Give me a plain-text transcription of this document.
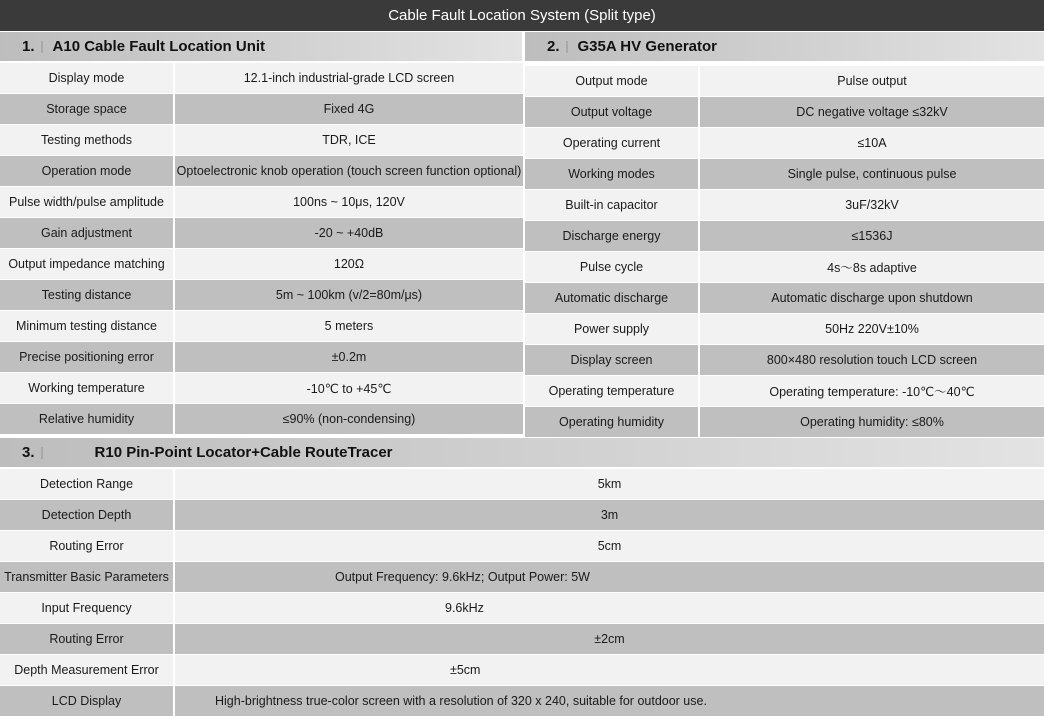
Cable Fault Location System (Split type)
1. A10 Cable Fault Location Unit	2. G35A HV Generator
Display mode	12.1-inch industrial-grade LCD screen
Storage space	Fixed 4G
Testing methods	TDR, ICE
Operation mode	Optoelectronic knob operation (touch screen function optional)
Pulse width/pulse amplitude	100ns ~ 10μs, 120V
Gain adjustment	-20 ~ +40dB
Output impedance matching	120Ω
Testing distance	5m ~ 100km (v/2=80m/μs)
Minimum testing distance	5 meters
Precise positioning error	±0.2m
Working temperature	-10℃ to +45℃
Relative humidity	≤90% (non-condensing)
Output mode	Pulse output
Output voltage	DC negative voltage ≤32kV
Operating current	≤10A
Working modes	Single pulse, continuous pulse
Built-in capacitor	3uF/32kV
Discharge energy	≤1536J
Pulse cycle	4s～8s adaptive
Automatic discharge	Automatic discharge upon shutdown
Power supply	50Hz 220V±10%
Display screen	800×480 resolution touch LCD screen
Operating temperature	Operating temperature: -10℃～40℃
Operating humidity	Operating humidity: ≤80%
3.	R10 Pin-Point Locator+Cable RouteTracer
Detection Range	5km
Detection Depth	3m
Routing Error	5cm
Transmitter Basic Parameters	Output Frequency: 9.6kHz; Output Power: 5W
Input Frequency	9.6kHz
Routing Error	±2cm
Depth Measurement Error	±5cm
LCD Display	High-brightness true-color screen with a resolution of 320 x 240, suitable for outdoor use.
